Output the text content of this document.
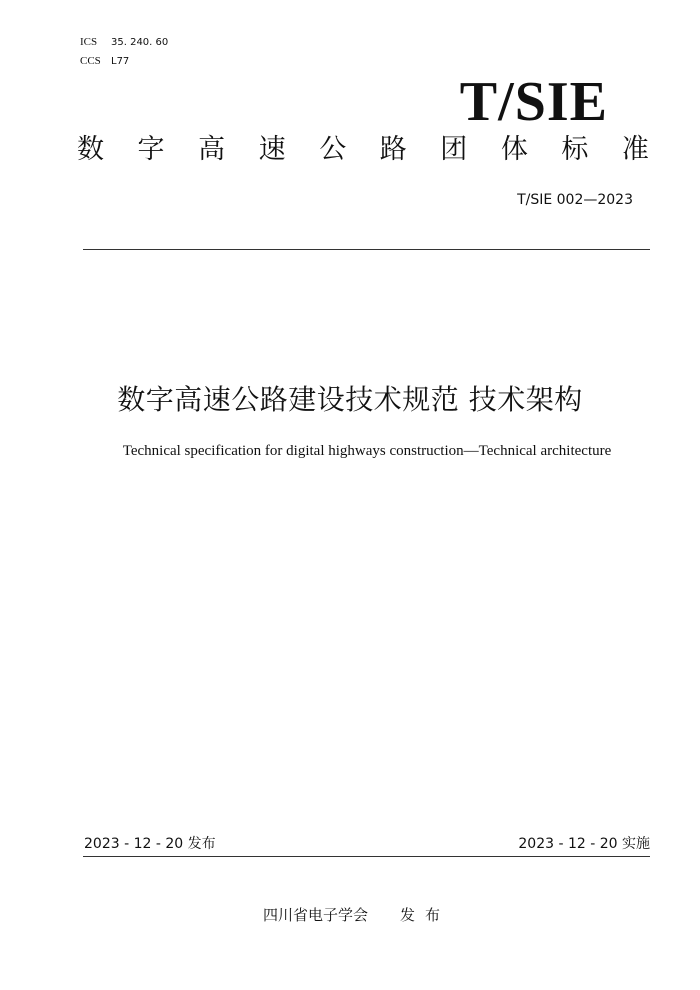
ICS 35. 240. 60
CCS L77
T/SIE
数 字 高 速 公 路 团 体 标 准
T/SIE 002—2023
数字高速公路建设技术规范 技术架构
Technical specification for digital highways construction—Technical architecture
2023 - 12 - 20 发布	2023 - 12 - 20 实施
四川省电子学会 发布
